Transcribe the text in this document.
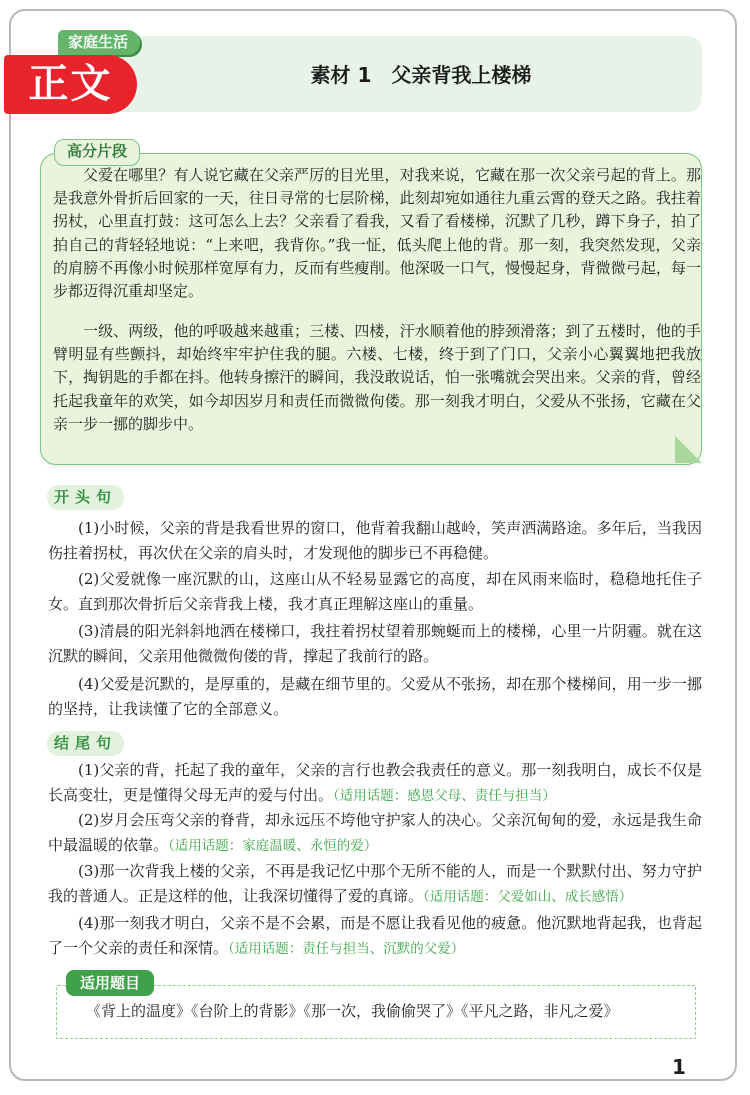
家庭生活
正文	素材 1　父亲背我上楼梯
高分片段

父爱在哪里？有人说它藏在父亲严厉的目光里，对我来说，它藏在那一次父亲弓起的背上。那是我意外骨折后回家的一天，往日寻常的七层阶梯，此刻却宛如通往九重云霄的登天之路。我拄着拐杖，心里直打鼓：这可怎么上去？父亲看了看我，又看了看楼梯，沉默了几秒，蹲下身子，拍了拍自己的背轻轻地说：“上来吧，我背你。”我一怔，低头爬上他的背。那一刻，我突然发现，父亲的肩膀不再像小时候那样宽厚有力，反而有些瘦削。他深吸一口气，慢慢起身，背微微弓起，每一步都迈得沉重却坚定。

一级、两级，他的呼吸越来越重；三楼、四楼，汗水顺着他的脖颈滑落；到了五楼时，他的手臂明显有些颤抖，却始终牢牢护住我的腿。六楼、七楼，终于到了门口，父亲小心翼翼地把我放下，掏钥匙的手都在抖。他转身擦汗的瞬间，我没敢说话，怕一张嘴就会哭出来。父亲的背，曾经托起我童年的欢笑，如今却因岁月和责任而微微佝偻。那一刻我才明白，父爱从不张扬，它藏在父亲一步一挪的脚步中。

开头句

(1)小时候，父亲的背是我看世界的窗口，他背着我翻山越岭，笑声洒满路途。多年后，当我因伤拄着拐杖，再次伏在父亲的肩头时，才发现他的脚步已不再稳健。

(2)父爱就像一座沉默的山，这座山从不轻易显露它的高度，却在风雨来临时，稳稳地托住子女。直到那次骨折后父亲背我上楼，我才真正理解这座山的重量。

(3)清晨的阳光斜斜地洒在楼梯口，我拄着拐杖望着那蜿蜒而上的楼梯，心里一片阴霾。就在这沉默的瞬间，父亲用他微微佝偻的背，撑起了我前行的路。

(4)父爱是沉默的，是厚重的，是藏在细节里的。父爱从不张扬，却在那个楼梯间，用一步一挪的坚持，让我读懂了它的全部意义。

结尾句

(1)父亲的背，托起了我的童年，父亲的言行也教会我责任的意义。那一刻我明白，成长不仅是长高变壮，更是懂得父母无声的爱与付出。（适用话题：感恩父母、责任与担当）

(2)岁月会压弯父亲的脊背，却永远压不垮他守护家人的决心。父亲沉甸甸的爱，永远是我生命中最温暖的依靠。（适用话题：家庭温暖、永恒的爱）

(3)那一次背我上楼的父亲，不再是我记忆中那个无所不能的人，而是一个默默付出、努力守护我的普通人。正是这样的他，让我深切懂得了爱的真谛。（适用话题：父爱如山、成长感悟）

(4)那一刻我才明白，父亲不是不会累，而是不愿让我看见他的疲惫。他沉默地背起我，也背起了一个父亲的责任和深情。（适用话题：责任与担当、沉默的父爱）

适用题目
《背上的温度》《台阶上的背影》《那一次，我偷偷哭了》《平凡之路，非凡之爱》
1
